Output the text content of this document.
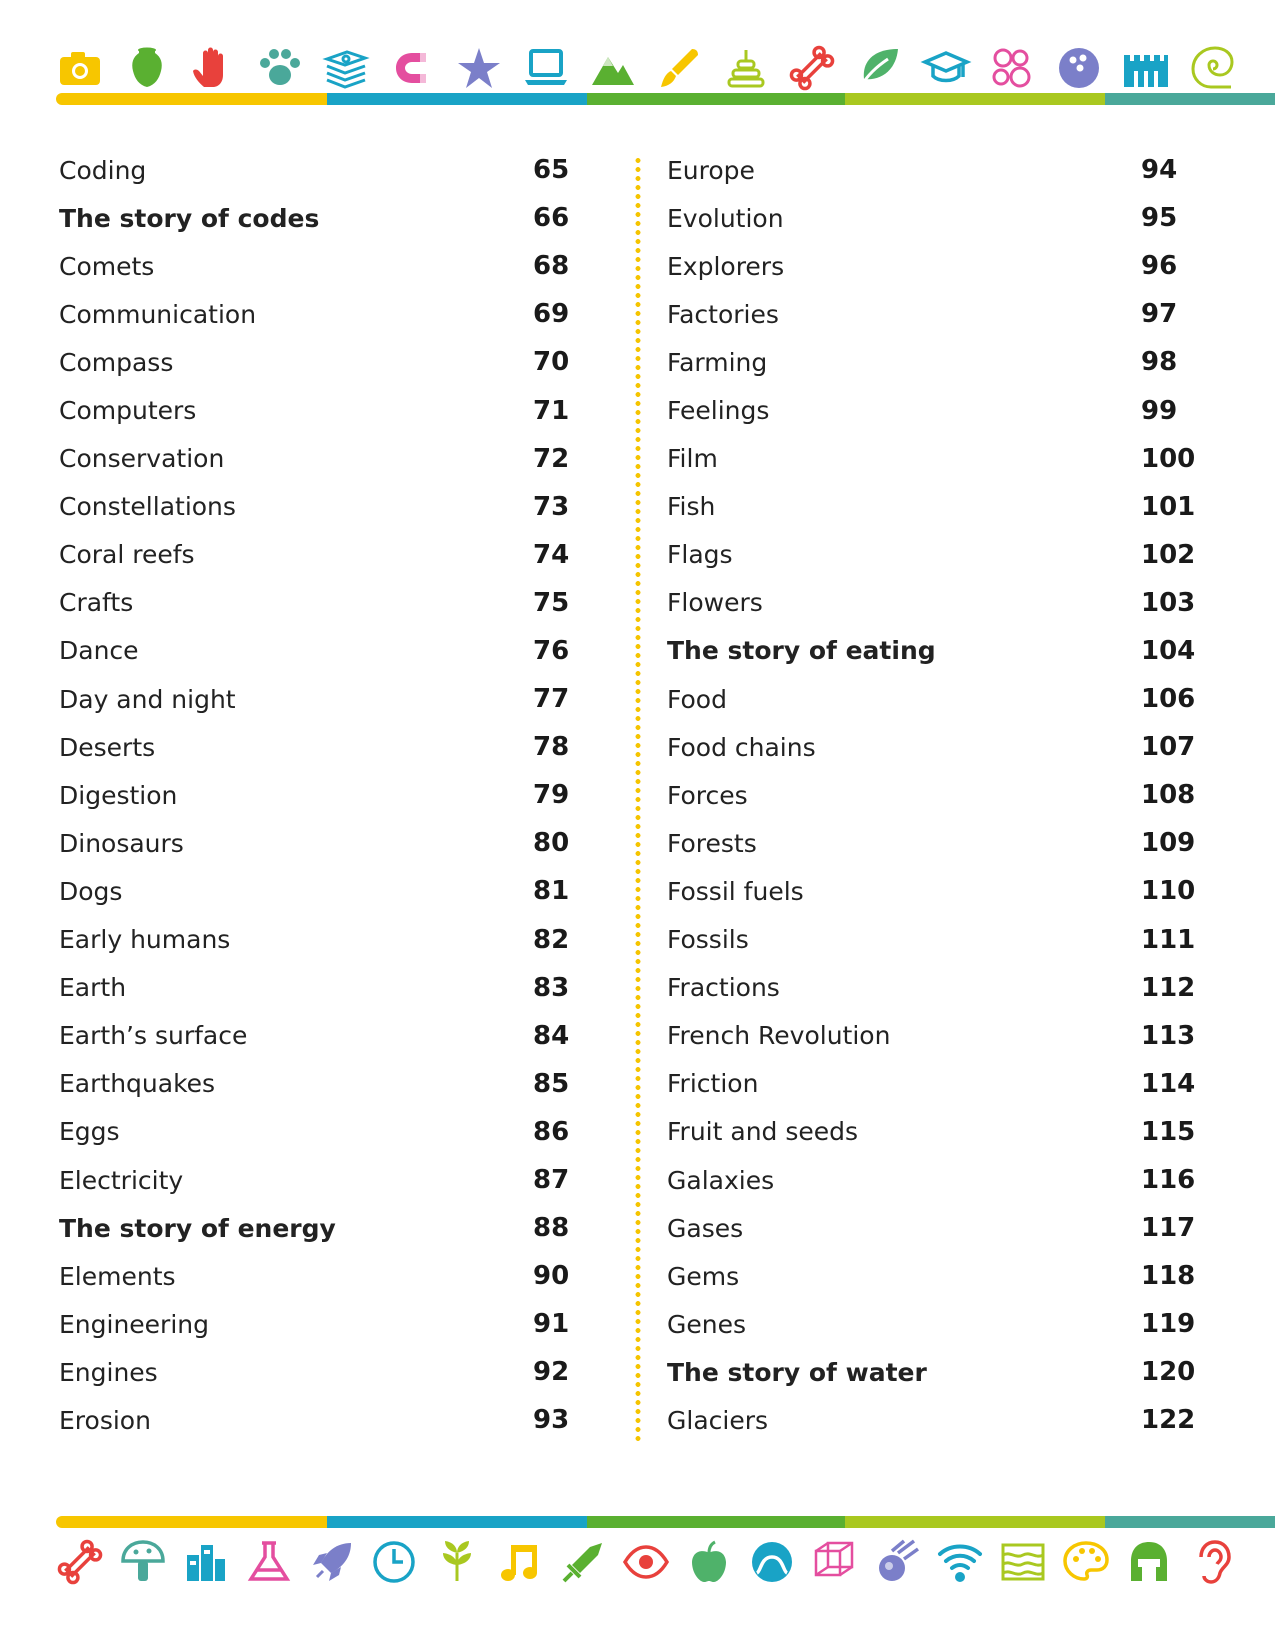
Coding	65
The story of codes	66
Comets	68
Communication	69
Compass	70
Computers	71
Conservation	72
Constellations	73
Coral reefs	74
Crafts	75
Dance	76
Day and night	77
Deserts	78
Digestion	79
Dinosaurs	80
Dogs	81
Early humans	82
Earth	83
Earth’s surface	84
Earthquakes	85
Eggs	86
Electricity	87
The story of energy	88
Elements	90
Engineering	91
Engines	92
Erosion	93
Europe	94
Evolution	95
Explorers	96
Factories	97
Farming	98
Feelings	99
Film	100
Fish	101
Flags	102
Flowers	103
The story of eating	104
Food	106
Food chains	107
Forces	108
Forests	109
Fossil fuels	110
Fossils	111
Fractions	112
French Revolution	113
Friction	114
Fruit and seeds	115
Galaxies	116
Gases	117
Gems	118
Genes	119
The story of water	120
Glaciers	122
